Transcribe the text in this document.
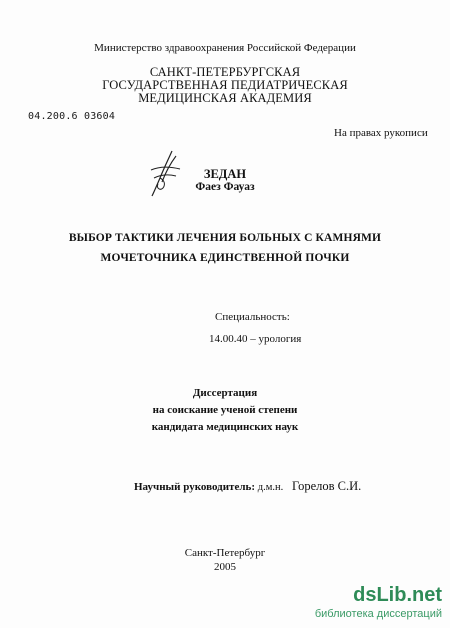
Министерство здравоохранения Российской Федерации
САНКТ-ПЕТЕРБУРГСКАЯ
ГОСУДАРСТВЕННАЯ ПЕДИАТРИЧЕСКАЯ
МЕДИЦИНСКАЯ АКАДЕМИЯ
04.200.6 03604
На правах рукописи
ЗЕДАН
Фаез Фауаз
ВЫБОР ТАКТИКИ ЛЕЧЕНИЯ БОЛЬНЫХ С КАМНЯМИ
МОЧЕТОЧНИКА ЕДИНСТВЕННОЙ ПОЧКИ
Специальность:
14.00.40 – урология
Диссертация
на соискание ученой степени
кандидата медицинских наук
Научный руководитель: д.м.н. Горелов С.И.
Санкт-Петербург
2005
dsLib.net
библиотека диссертаций
